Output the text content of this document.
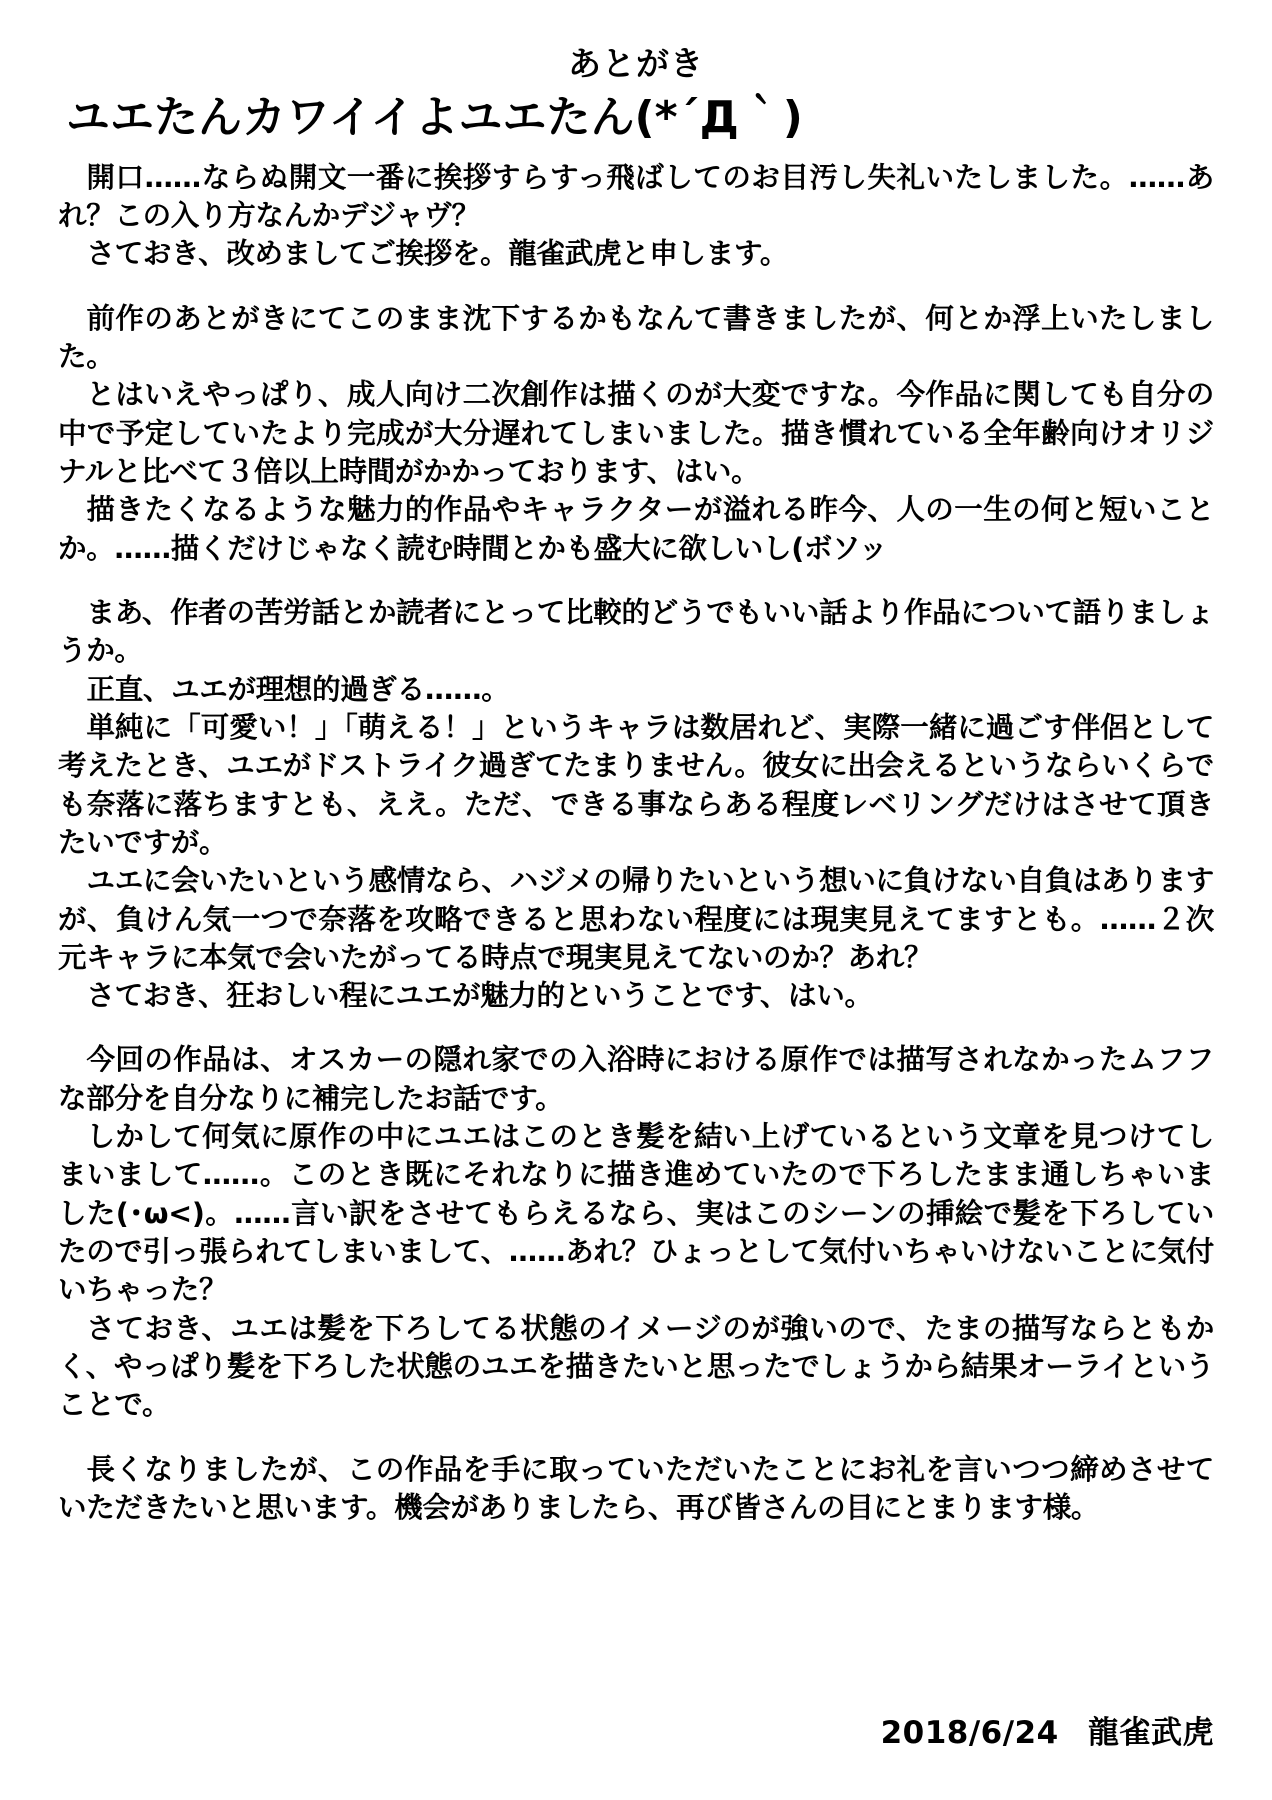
あとがき
ユエたんカワイイよユエたん(*´Д｀)

開口……ならぬ開文一番に挨拶すらすっ飛ばしてのお目汚し失礼いたしました。……あれ？この入り方なんかデジャヴ？

さておき、改めましてご挨拶を。龍雀武虎と申します。

前作のあとがきにてこのまま沈下するかもなんて書きましたが、何とか浮上いたしました。

とはいえやっぱり、成人向け二次創作は描くのが大変ですな。今作品に関しても自分の中で予定していたより完成が大分遅れてしまいました。描き慣れている全年齢向けオリジナルと比べて３倍以上時間がかかっております、はい。

描きたくなるような魅力的作品やキャラクターが溢れる昨今、人の一生の何と短いことか。……描くだけじゃなく読む時間とかも盛大に欲しいし(ボソッ

まあ、作者の苦労話とか読者にとって比較的どうでもいい話より作品について語りましょうか。

正直、ユエが理想的過ぎる……。

単純に「可愛い！」「萌える！」というキャラは数居れど、実際一緒に過ごす伴侶として考えたとき、ユエがドストライク過ぎてたまりません。彼女に出会えるというならいくらでも奈落に落ちますとも、ええ。ただ、できる事ならある程度レベリングだけはさせて頂きたいですが。

ユエに会いたいという感情なら、ハジメの帰りたいという想いに負けない自負はありますが、負けん気一つで奈落を攻略できると思わない程度には現実見えてますとも。……２次元キャラに本気で会いたがってる時点で現実見えてないのか？あれ？

さておき、狂おしい程にユエが魅力的ということです、はい。

今回の作品は、オスカーの隠れ家での入浴時における原作では描写されなかったムフフな部分を自分なりに補完したお話です。

しかして何気に原作の中にユエはこのとき髪を結い上げているという文章を見つけてしまいまして……。このとき既にそれなりに描き進めていたので下ろしたまま通しちゃいました(･ω<)。……言い訳をさせてもらえるなら、実はこのシーンの挿絵で髪を下ろしていたので引っ張られてしまいまして、……あれ？ひょっとして気付いちゃいけないことに気付いちゃった？

さておき、ユエは髪を下ろしてる状態のイメージのが強いので、たまの描写ならともかく、やっぱり髪を下ろした状態のユエを描きたいと思ったでしょうから結果オーライということで。

長くなりましたが、この作品を手に取っていただいたことにお礼を言いつつ締めさせていただきたいと思います。機会がありましたら、再び皆さんの目にとまります様。

2018/6/24 龍雀武虎
